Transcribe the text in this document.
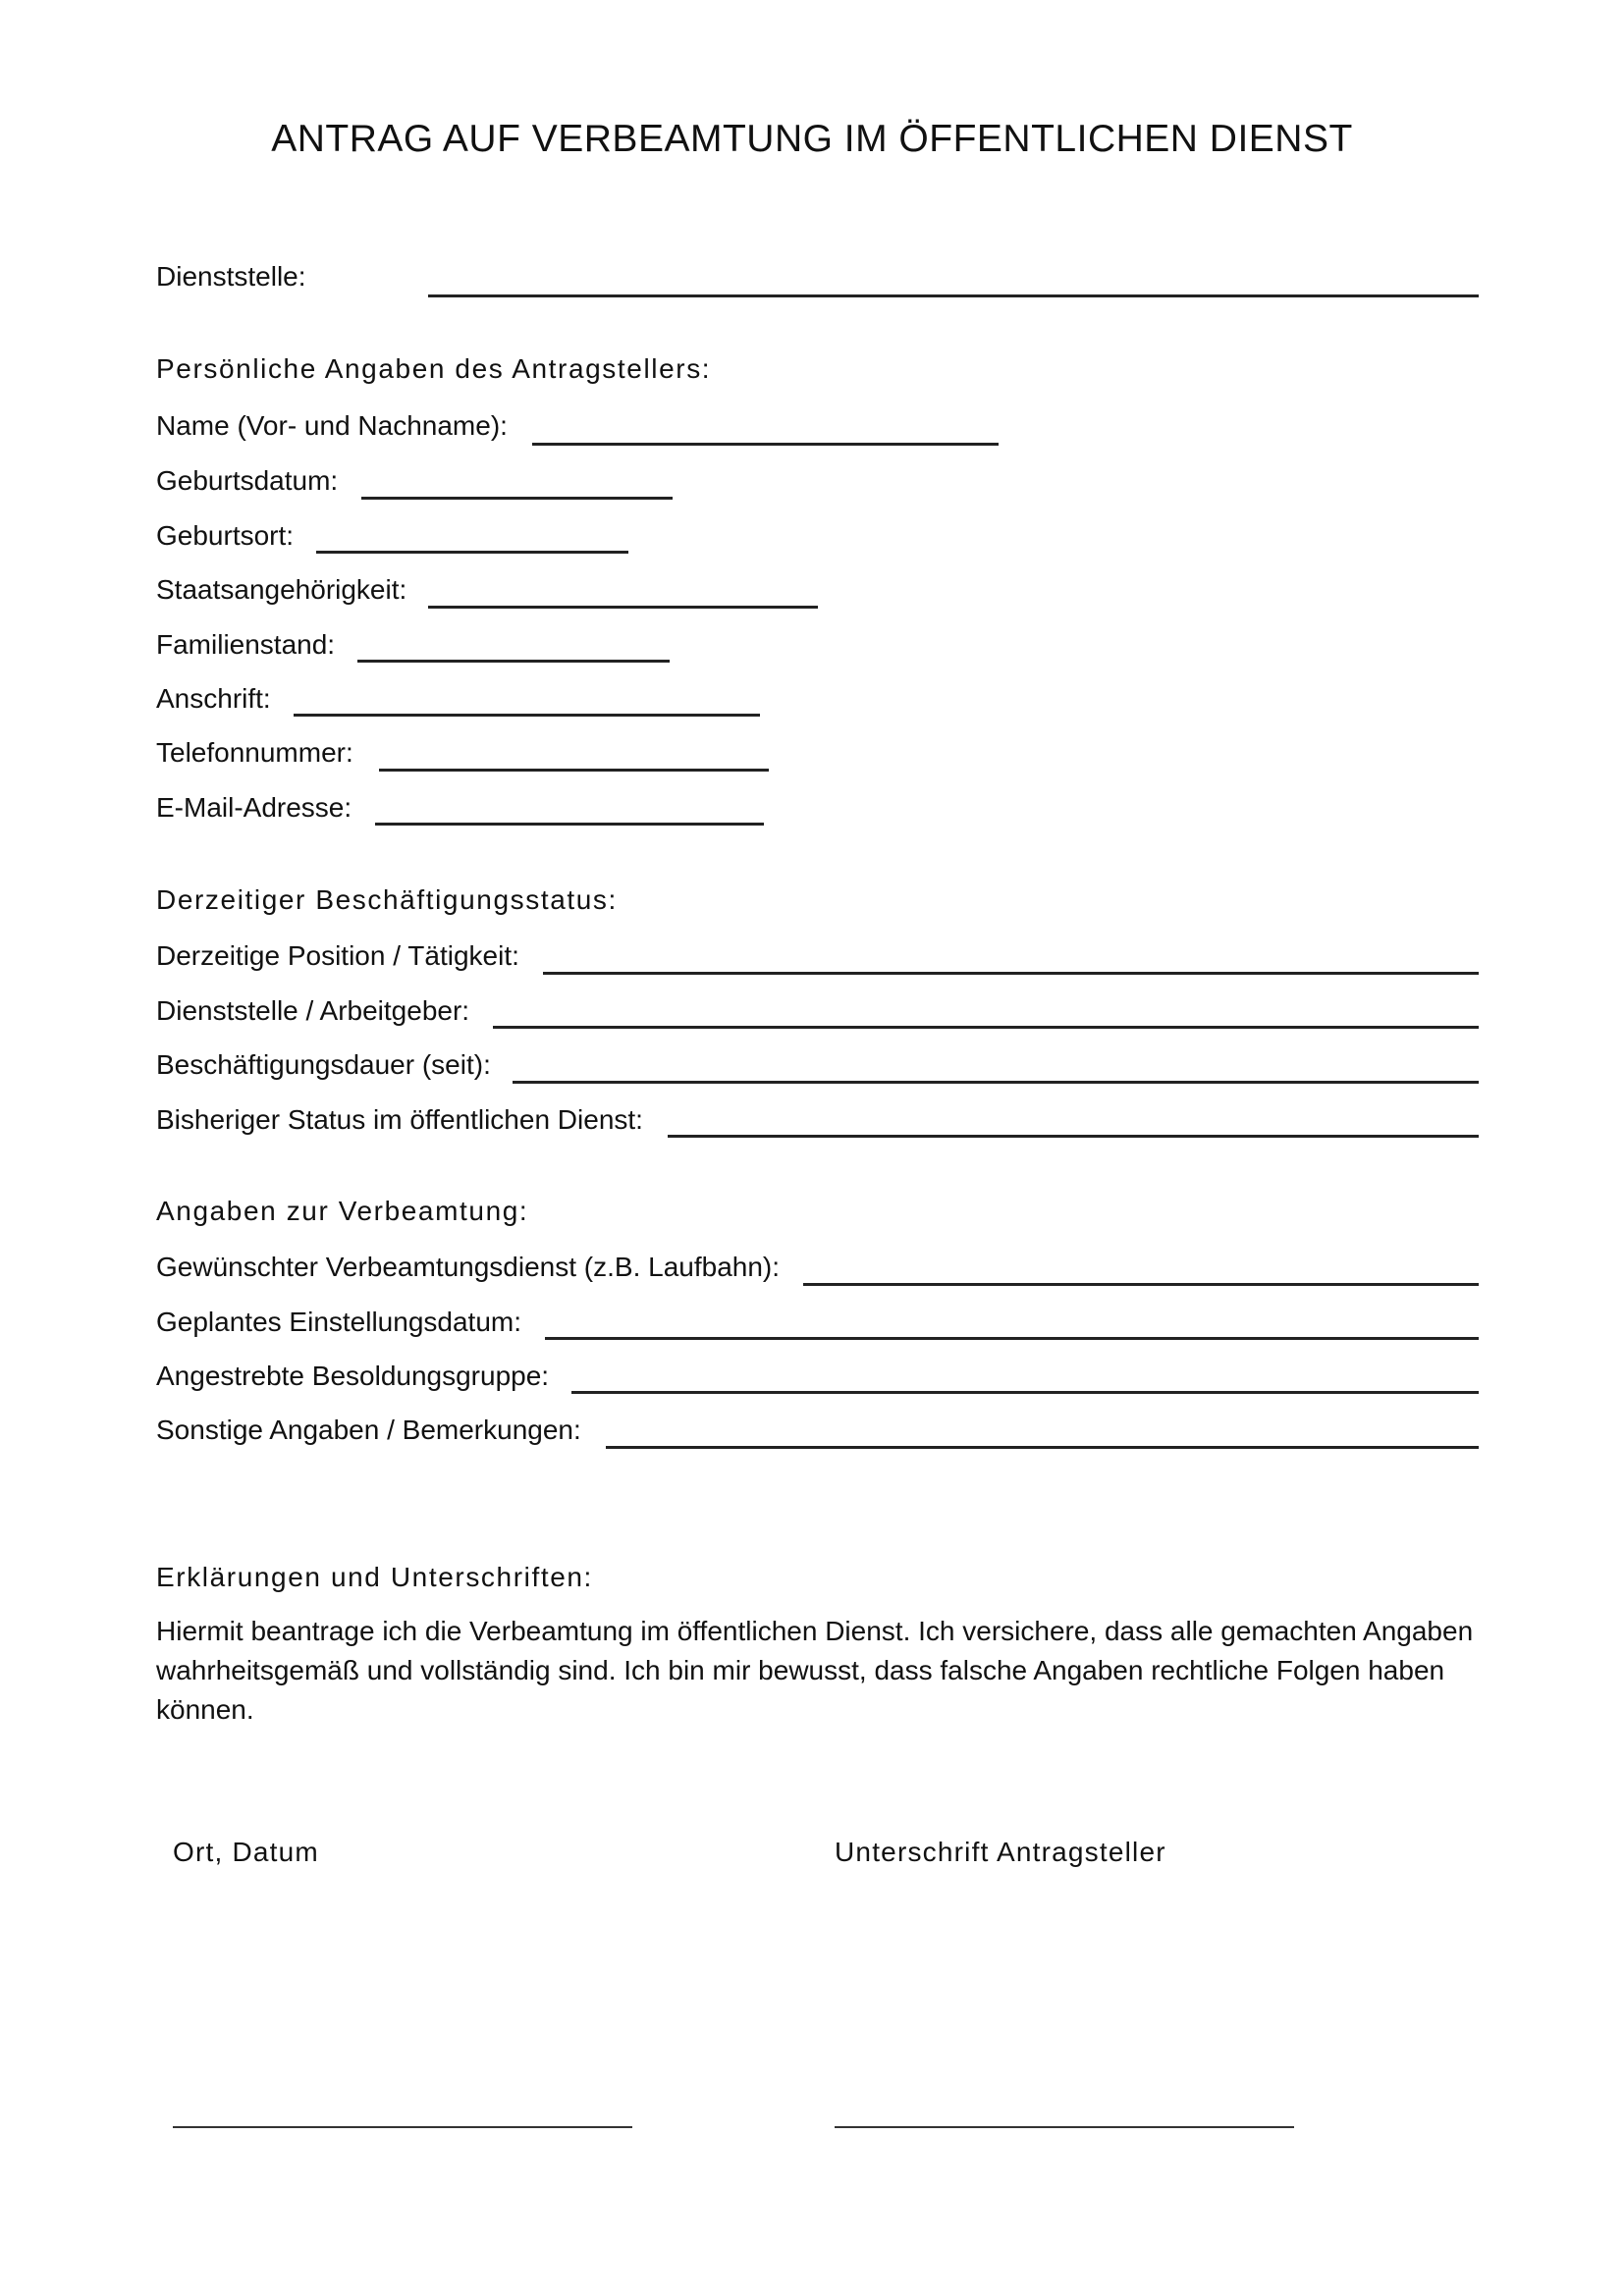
ANTRAG AUF VERBEAMTUNG IM ÖFFENTLICHEN DIENST
Dienststelle:
Persönliche Angaben des Antragstellers:
Name (Vor- und Nachname):
Geburtsdatum:
Geburtsort:
Staatsangehörigkeit:
Familienstand:
Anschrift:
Telefonnummer:
E-Mail-Adresse:
Derzeitiger Beschäftigungsstatus:
Derzeitige Position / Tätigkeit:
Dienststelle / Arbeitgeber:
Beschäftigungsdauer (seit):
Bisheriger Status im öffentlichen Dienst:
Angaben zur Verbeamtung:
Gewünschter Verbeamtungsdienst (z.B. Laufbahn):
Geplantes Einstellungsdatum:
Angestrebte Besoldungsgruppe:
Sonstige Angaben / Bemerkungen:
Erklärungen und Unterschriften:
Hiermit beantrage ich die Verbeamtung im öffentlichen Dienst. Ich versichere, dass alle gemachten Angaben wahrheitsgemäß und vollständig sind. Ich bin mir bewusst, dass falsche Angaben rechtliche Folgen haben können.
Ort, Datum	Unterschrift Antragsteller
